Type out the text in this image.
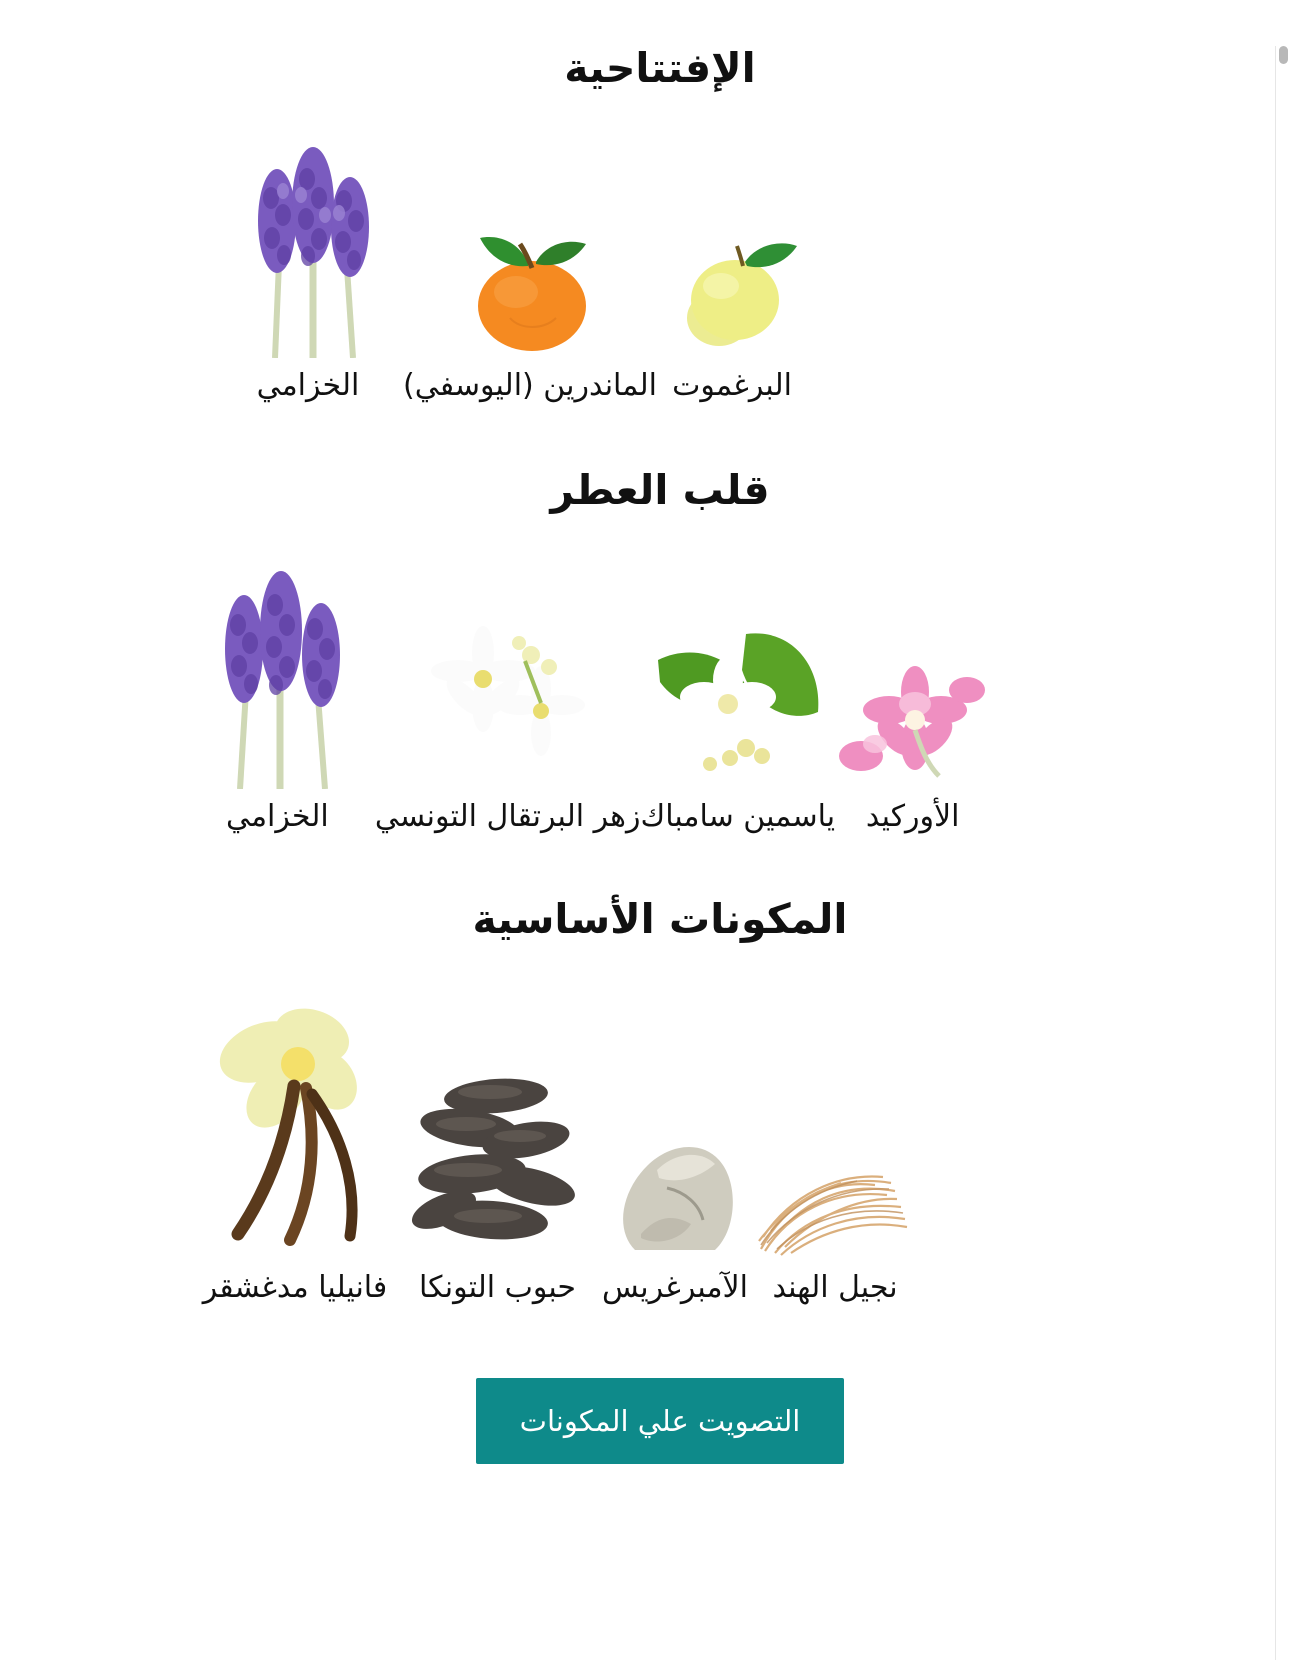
الإفتتاحية
الخزامي الماندرين (اليوسفي) البرغموت
قلب العطر
الخزامي زهر البرتقال التونسي ياسمين سامباك الأوركيد
المكونات الأساسية
فانيليا مدغشقر حبوب التونكا الآمبرغريس نجيل الهند
التصويت علي المكونات
